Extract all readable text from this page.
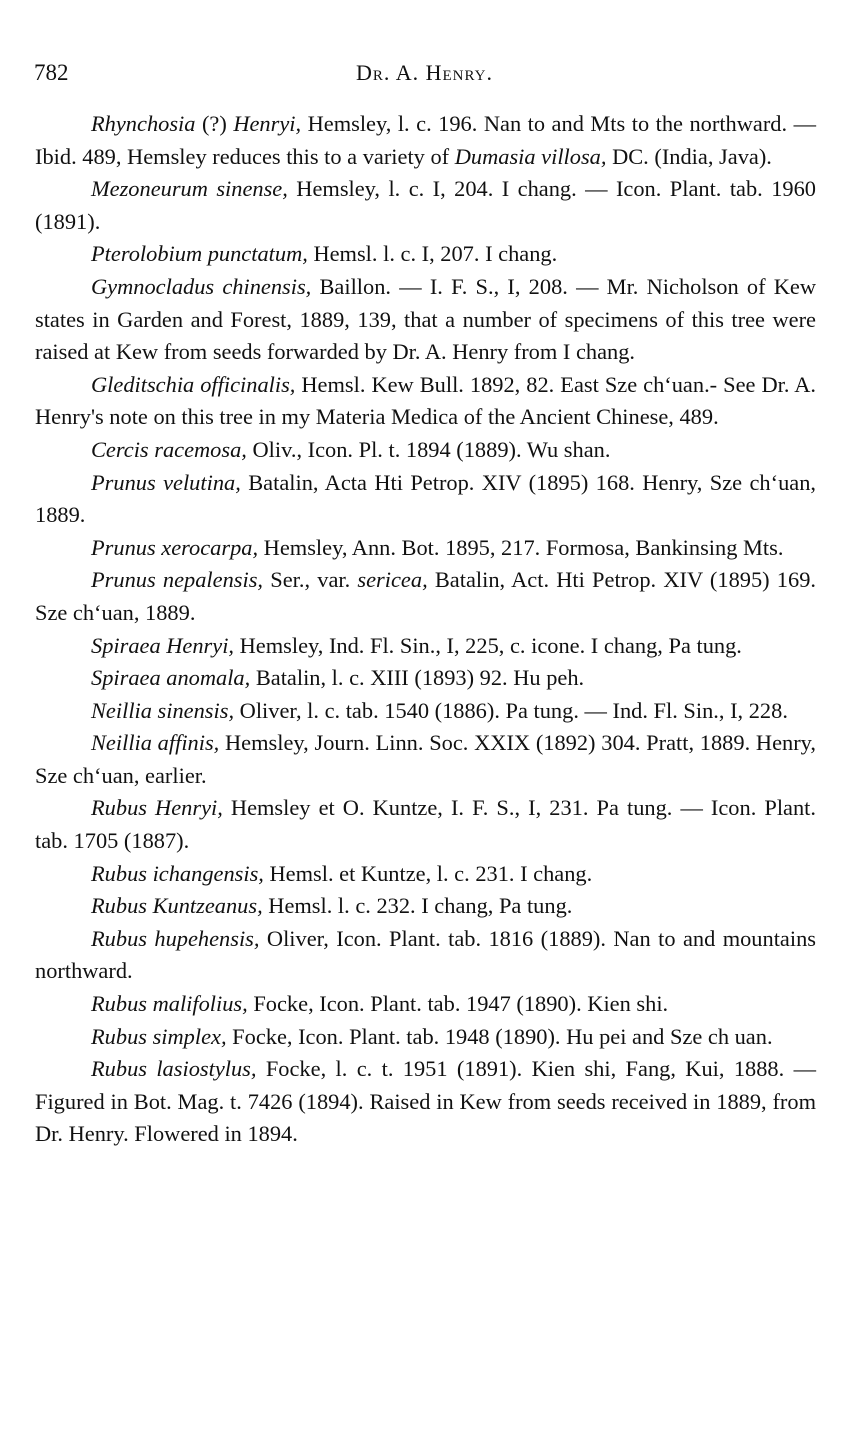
782	Dr. A. Henry.

Rhynchosia (?) Henryi, Hemsley, l. c. 196. Nan to and Mts to the northward. — Ibid. 489, Hemsley reduces this to a variety of Dumasia villosa, DC. (India, Java).

Mezoneurum sinense, Hemsley, l. c. I, 204. I chang. — Icon. Plant. tab. 1960 (1891).

Pterolobium punctatum, Hemsl. l. c. I, 207. I chang.

Gymnocladus chinensis, Baillon. — I. F. S., I, 208. — Mr. Nicholson of Kew states in Garden and Forest, 1889, 139, that a number of specimens of this tree were raised at Kew from seeds forwarded by Dr. A. Henry from I chang.

Gleditschia officinalis, Hemsl. Kew Bull. 1892, 82. East Sze ch‘uan.- See Dr. A. Henry's note on this tree in my Materia Medica of the Ancient Chinese, 489.

Cercis racemosa, Oliv., Icon. Pl. t. 1894 (1889). Wu shan.

Prunus velutina, Batalin, Acta Hti Petrop. XIV (1895) 168. Henry, Sze ch‘uan, 1889.

Prunus xerocarpa, Hemsley, Ann. Bot. 1895, 217. Formosa, Bankinsing Mts.

Prunus nepalensis, Ser., var. sericea, Batalin, Act. Hti Petrop. XIV (1895) 169. Sze ch‘uan, 1889.

Spiraea Henryi, Hemsley, Ind. Fl. Sin., I, 225, c. icone. I chang, Pa tung.

Spiraea anomala, Batalin, l. c. XIII (1893) 92. Hu peh.

Neillia sinensis, Oliver, l. c. tab. 1540 (1886). Pa tung. — Ind. Fl. Sin., I, 228.

Neillia affinis, Hemsley, Journ. Linn. Soc. XXIX (1892) 304. Pratt, 1889. Henry, Sze ch‘uan, earlier.

Rubus Henryi, Hemsley et O. Kuntze, I. F. S., I, 231. Pa tung. — Icon. Plant. tab. 1705 (1887).

Rubus ichangensis, Hemsl. et Kuntze, l. c. 231. I chang.

Rubus Kuntzeanus, Hemsl. l. c. 232. I chang, Pa tung.

Rubus hupehensis, Oliver, Icon. Plant. tab. 1816 (1889). Nan to and mountains northward.

Rubus malifolius, Focke, Icon. Plant. tab. 1947 (1890). Kien shi.

Rubus simplex, Focke, Icon. Plant. tab. 1948 (1890). Hu pei and Sze ch uan.

Rubus lasiostylus, Focke, l. c. t. 1951 (1891). Kien shi, Fang, Kui, 1888. — Figured in Bot. Mag. t. 7426 (1894). Raised in Kew from seeds received in 1889, from Dr. Henry. Flowered in 1894.
